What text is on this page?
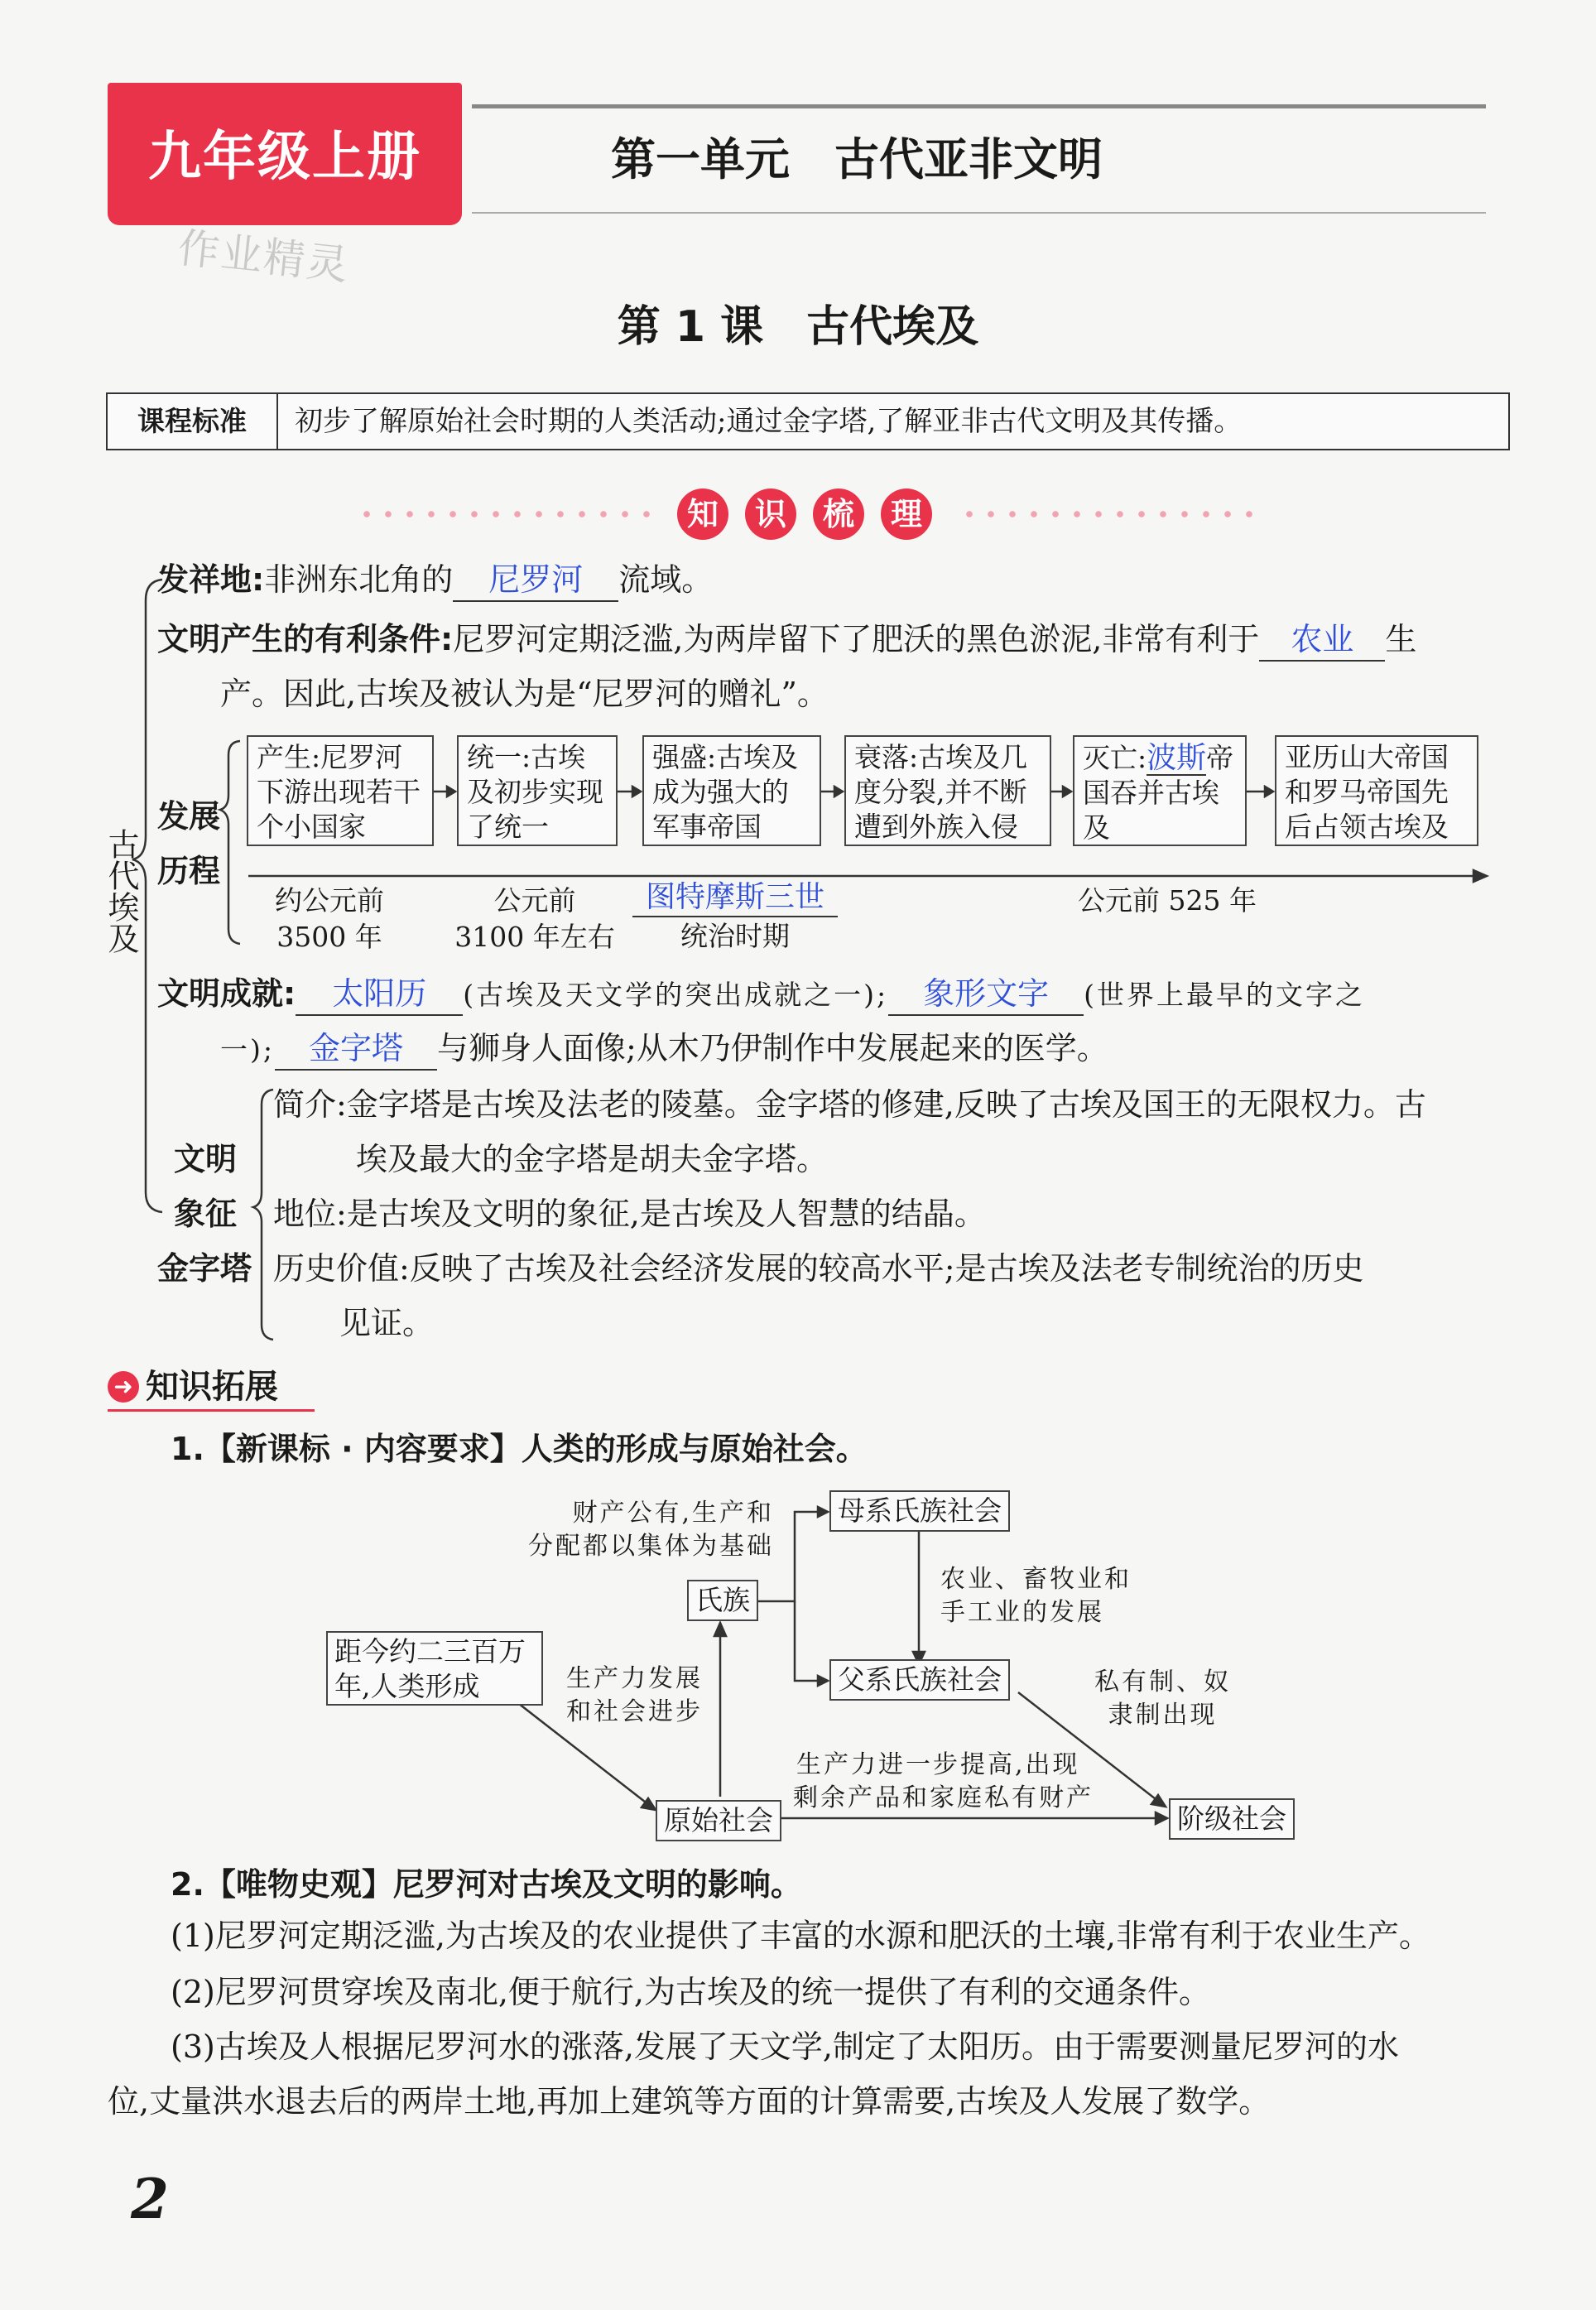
九年级上册
作业精灵
第一单元　古代亚非文明
第 1 课　古代埃及
课程标准	初步了解原始社会时期的人类活动;通过金字塔,了解亚非古代文明及其传播。
知	识	梳	理
古代埃及
发祥地:非洲东北角的 尼罗河 流域。
文明产生的有利条件:尼罗河定期泛滥,为两岸留下了肥沃的黑色淤泥,非常有利于 农业 生
产。因此,古埃及被认为是“尼罗河的赠礼”。
发展
历程
产生:尼罗河下游出现若干个小国家
统一:古埃及初步实现了统一
强盛:古埃及成为强大的军事帝国
衰落:古埃及几度分裂,并不断遭到外族入侵
灭亡:波斯帝国吞并古埃及
亚历山大帝国和罗马帝国先后占领古埃及
约公元前
3500 年
公元前
3100 年左右
图特摩斯三世
统治时期
公元前 525 年
文明成就: 太阳历 (古埃及天文学的突出成就之一); 象形文字 (世界上最早的文字之
一); 金字塔 与狮身人面像;从木乃伊制作中发展起来的医学。
文明
象征
金字塔
简介:金字塔是古埃及法老的陵墓。金字塔的修建,反映了古埃及国王的无限权力。古
埃及最大的金字塔是胡夫金字塔。
地位:是古埃及文明的象征,是古埃及人智慧的结晶。
历史价值:反映了古埃及社会经济发展的较高水平;是古埃及法老专制统治的历史
见证。
➜ 知识拓展
1.【新课标 · 内容要求】人类的形成与原始社会。
距今约二三百万
年,人类形成	生产力发展
和社会进步
原始社会
氏族
财产公有,生产和
分配都以集体为基础
母系氏族社会
农业、畜牧业和
手工业的发展
父系氏族社会	私有制、奴
隶制出现
生产力进一步提高,出现
剩余产品和家庭私有财产
阶级社会
2.【唯物史观】尼罗河对古埃及文明的影响。
(1)尼罗河定期泛滥,为古埃及的农业提供了丰富的水源和肥沃的土壤,非常有利于农业生产。
(2)尼罗河贯穿埃及南北,便于航行,为古埃及的统一提供了有利的交通条件。
(3)古埃及人根据尼罗河水的涨落,发展了天文学,制定了太阳历。由于需要测量尼罗河的水
位,丈量洪水退去后的两岸土地,再加上建筑等方面的计算需要,古埃及人发展了数学。
2
